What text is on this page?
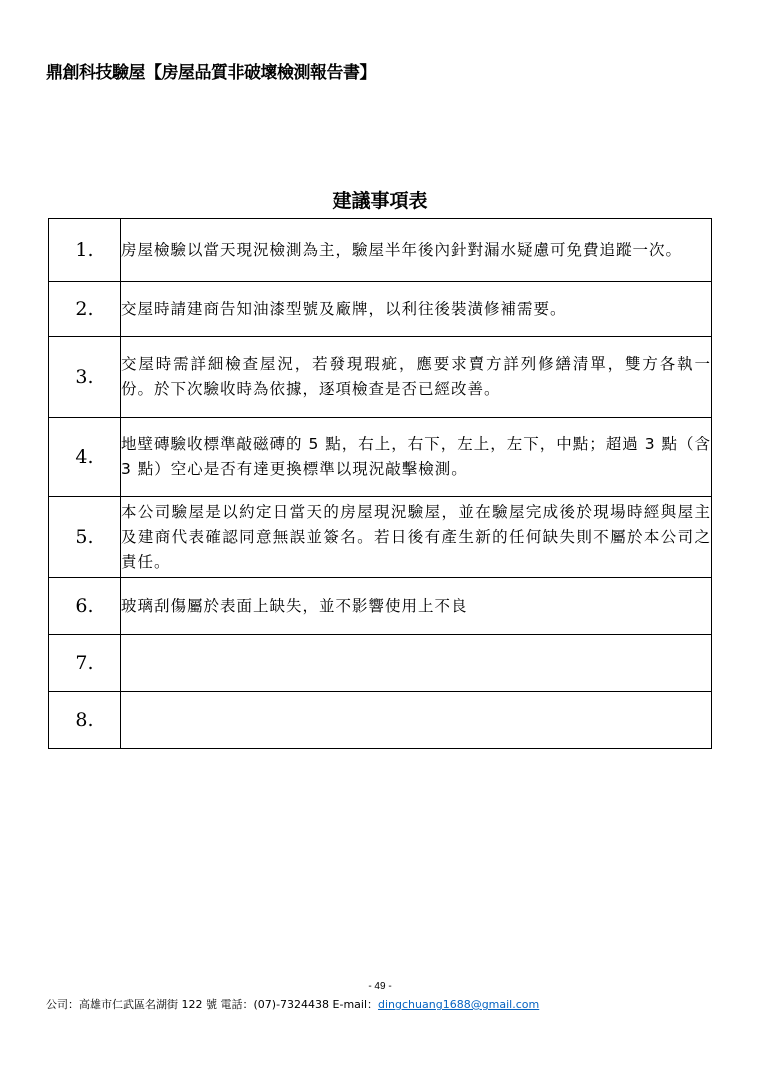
鼎創科技驗屋【房屋品質非破壞檢測報告書】
建議事項表
1.	房屋檢驗以當天現況檢測為主，驗屋半年後內針對漏水疑慮可免費追蹤一次。

2.	交屋時請建商告知油漆型號及廠牌，以利往後裝潢修補需要。

3.	交屋時需詳細檢查屋況，若發現瑕疵，應要求賣方詳列修繕清單，雙方各執一份。於下次驗收時為依據，逐項檢查是否已經改善。

4.	地壁磚驗收標準敲磁磚的 5 點，右上，右下，左上，左下，中點；超過 3 點（含 3 點）空心是否有達更換標準以現況敲擊檢測。

5.	本公司驗屋是以約定日當天的房屋現況驗屋，並在驗屋完成後於現場時經與屋主及建商代表確認同意無誤並簽名。若日後有產生新的任何缺失則不屬於本公司之責任。

6.	玻璃刮傷屬於表面上缺失，並不影響使用上不良

7.	

8.	
- 49 -
公司：高雄市仁武區名湖街 122 號 電話：(07)-7324438 E-mail：dingchuang1688@gmail.com
